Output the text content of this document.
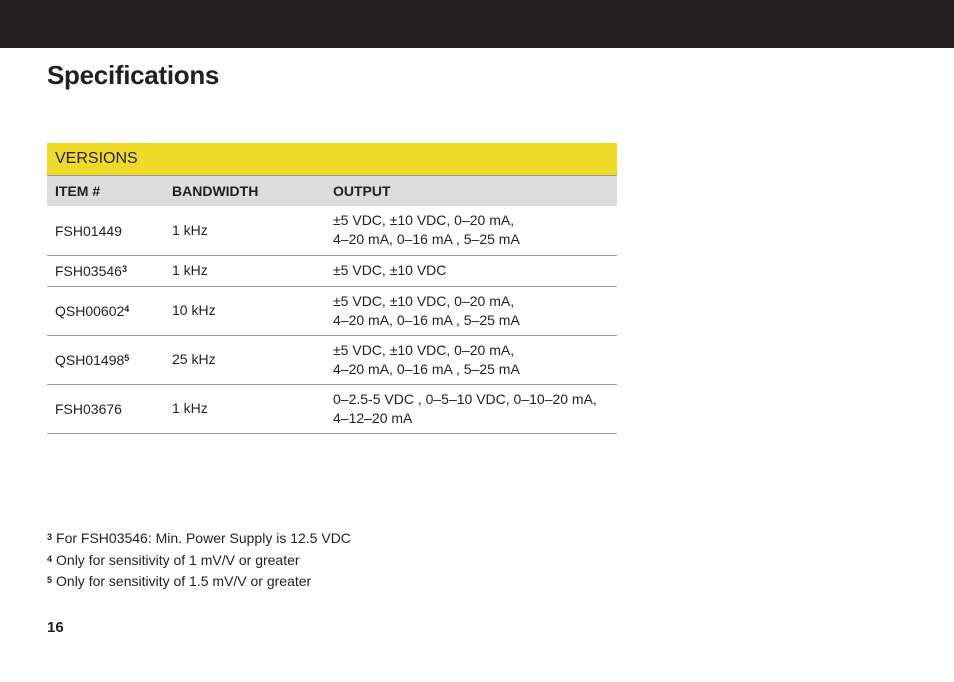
Specifications
VERSIONS		
ITEM #	BANDWIDTH	OUTPUT
FSH01449	1 kHz	±5 VDC, ±10 VDC, 0–20 mA,
4–20 mA, 0–16 mA , 5–25 mA

FSH03546$^3$	1 kHz	±5 VDC, ±10 VDC

QSH00602$^4$	10 kHz	±5 VDC, ±10 VDC, 0–20 mA,
4–20 mA, 0–16 mA , 5–25 mA

QSH01498$^5$	25 kHz	±5 VDC, ±10 VDC, 0–20 mA,
4–20 mA, 0–16 mA , 5–25 mA

FSH03676	1 kHz	0–2.5-5 VDC , 0–5–10 VDC, 0–10–20 mA,
4–12–20 mA
$^3$ For FSH03546: Min. Power Supply is 12.5 VDC
$^4$ Only for sensitivity of 1 mV/V or greater
$^5$ Only for sensitivity of 1.5 mV/V or greater
16
